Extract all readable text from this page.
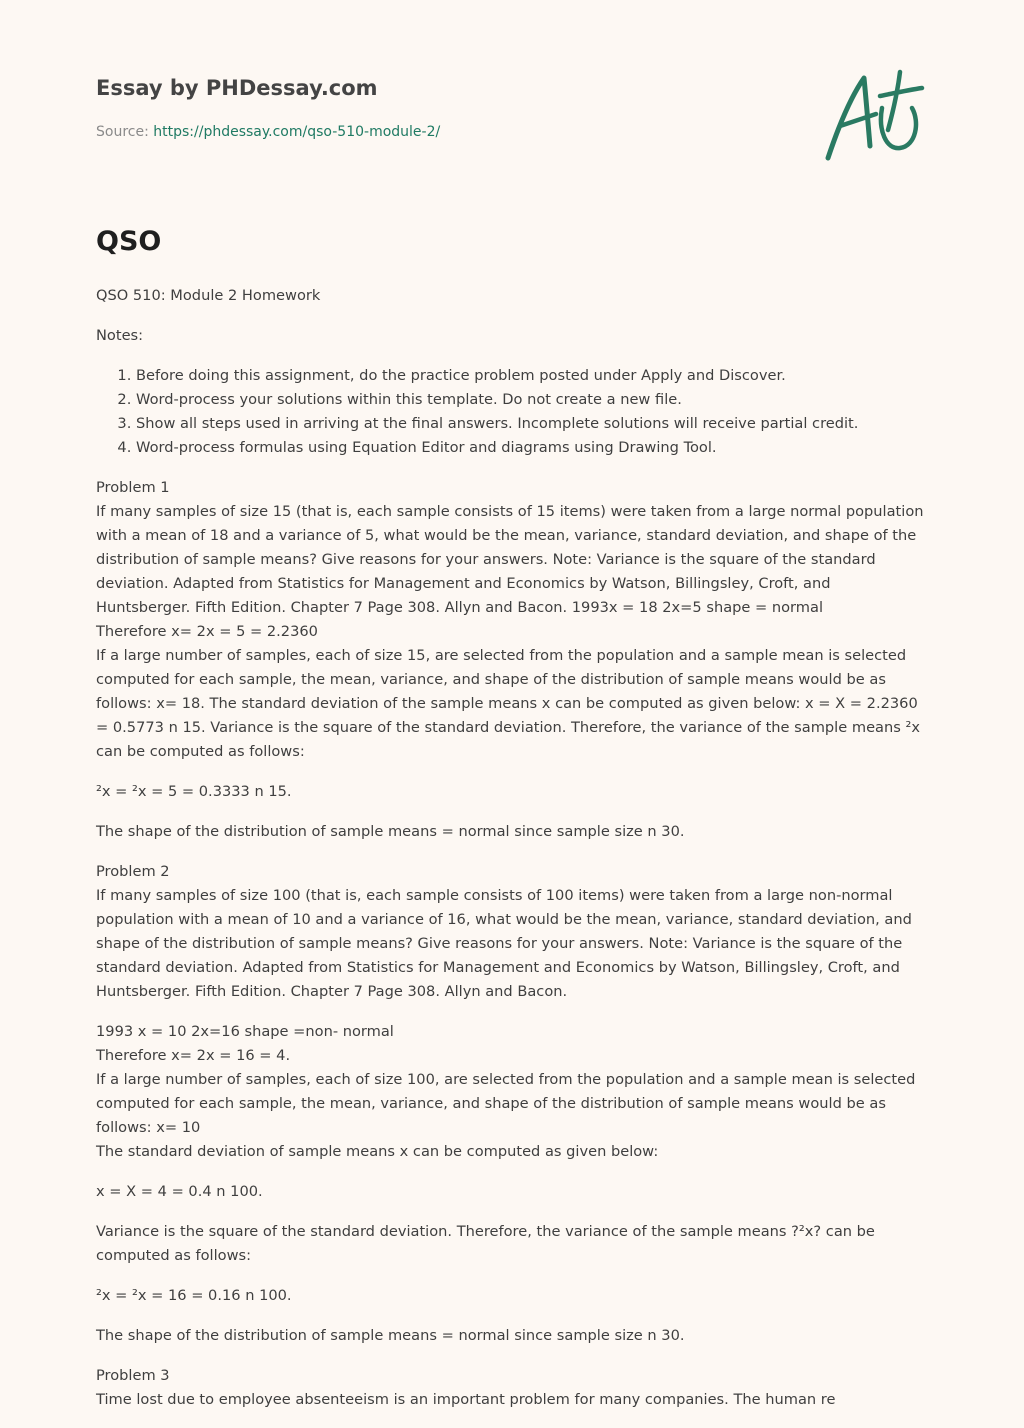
Essay by PHDessay.com
Source: https://phdessay.com/qso-510-module-2/
QSO

QSO 510: Module 2 Homework

Notes:

1. Before doing this assignment, do the practice problem posted under Apply and Discover.
2. Word-process your solutions within this template. Do not create a new file.
3. Show all steps used in arriving at the final answers. Incomplete solutions will receive partial credit.
4. Word-process formulas using Equation Editor and diagrams using Drawing Tool.

Problem 1
If many samples of size 15 (that is, each sample consists of 15 items) were taken from a large normal population with a mean of 18 and a variance of 5, what would be the mean, variance, standard deviation, and shape of the distribution of sample means? Give reasons for your answers. Note: Variance is the square of the standard deviation. Adapted from Statistics for Management and Economics by Watson, Billingsley, Croft, and Huntsberger. Fifth Edition. Chapter 7 Page 308. Allyn and Bacon. 1993x = 18 2x=5 shape = normal
Therefore x= 2x = 5 = 2.2360
If a large number of samples, each of size 15, are selected from the population and a sample mean is selected computed for each sample, the mean, variance, and shape of the distribution of sample means would be as follows: x= 18. The standard deviation of the sample means x can be computed as given below: x = X = 2.2360 = 0.5773 n 15. Variance is the square of the standard deviation. Therefore, the variance of the sample means ²x can be computed as follows:

²x = ²x = 5 = 0.3333 n 15.

The shape of the distribution of sample means = normal since sample size n 30.

Problem 2
If many samples of size 100 (that is, each sample consists of 100 items) were taken from a large non-normal population with a mean of 10 and a variance of 16, what would be the mean, variance, standard deviation, and shape of the distribution of sample means? Give reasons for your answers. Note: Variance is the square of the standard deviation. Adapted from Statistics for Management and Economics by Watson, Billingsley, Croft, and Huntsberger. Fifth Edition. Chapter 7 Page 308. Allyn and Bacon.

1993 x = 10 2x=16 shape =non- normal
Therefore x= 2x = 16 = 4.
If a large number of samples, each of size 100, are selected from the population and a sample mean is selected computed for each sample, the mean, variance, and shape of the distribution of sample means would be as follows: x= 10
The standard deviation of sample means x can be computed as given below:

x = X = 4 = 0.4 n 100.

Variance is the square of the standard deviation. Therefore, the variance of the sample means ?²x? can be computed as follows:

²x = ²x = 16 = 0.16 n 100.

The shape of the distribution of sample means = normal since sample size n 30.

Problem 3
Time lost due to employee absenteeism is an important problem for many companies. The human re
